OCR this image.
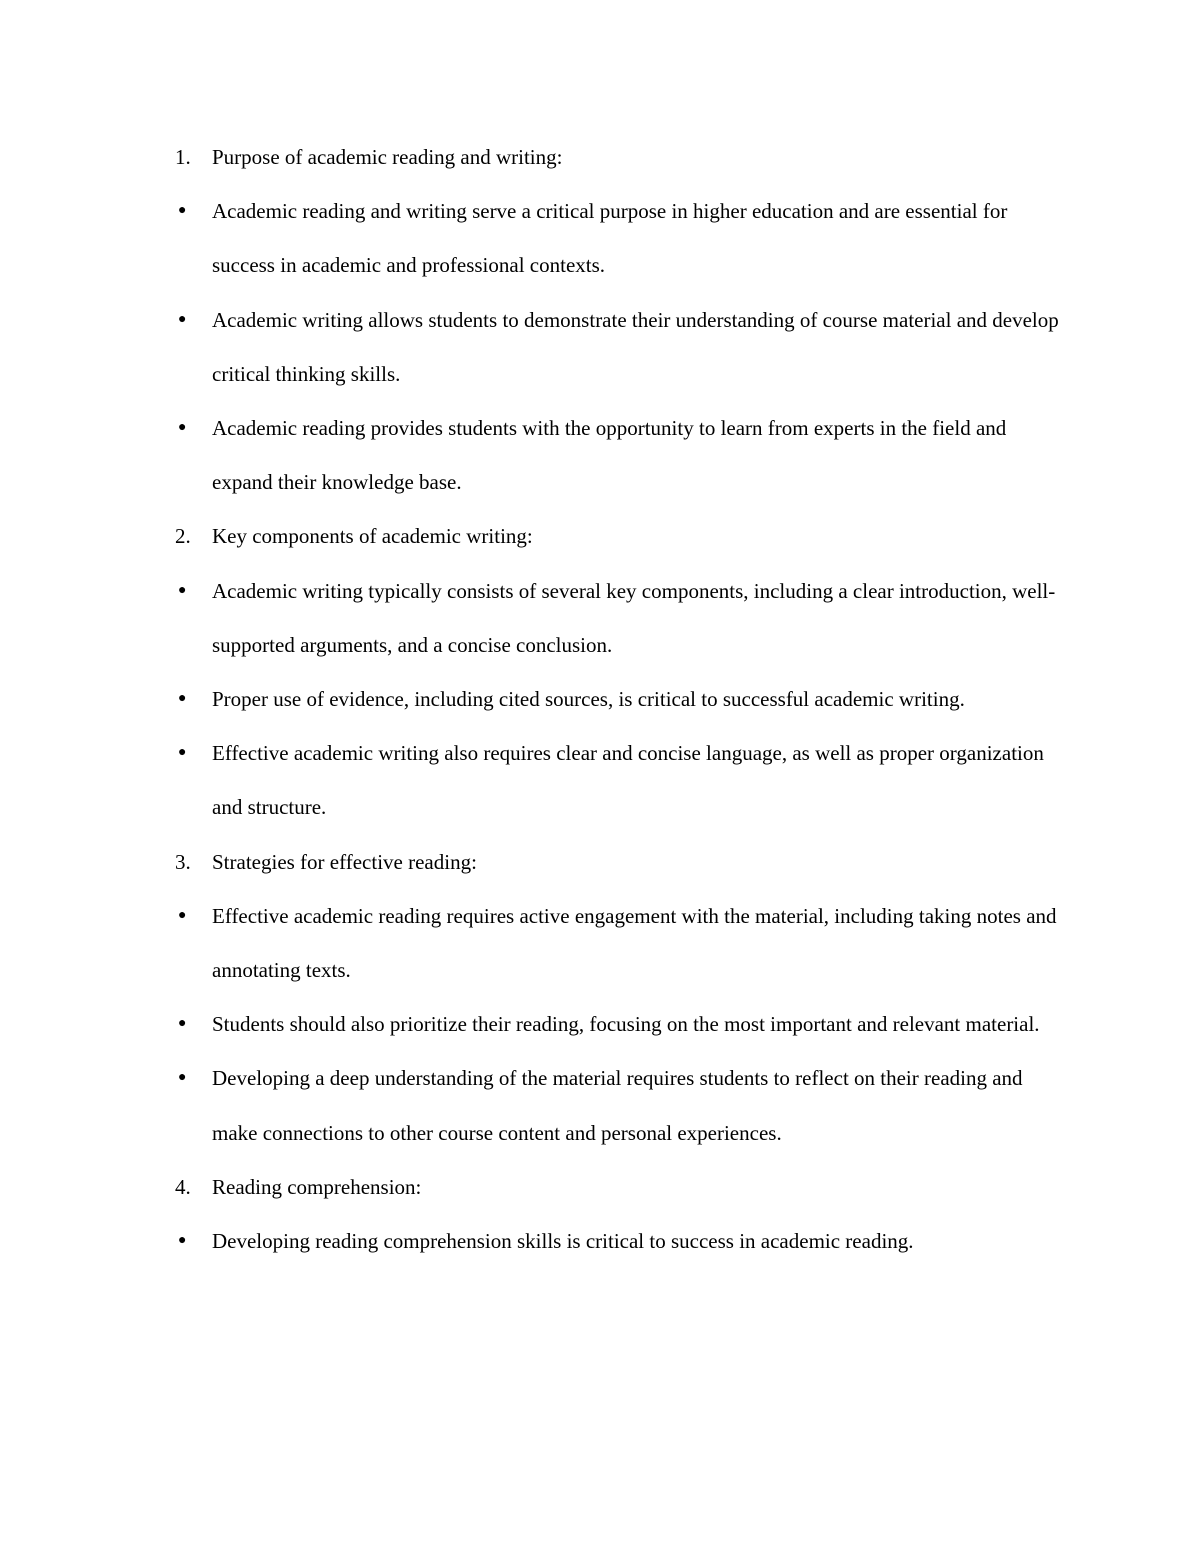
1. Purpose of academic reading and writing:
● Academic reading and writing serve a critical purpose in higher education and are essential for success in academic and professional contexts.
● Academic writing allows students to demonstrate their understanding of course material and develop critical thinking skills.
● Academic reading provides students with the opportunity to learn from experts in the field and expand their knowledge base.
2. Key components of academic writing:
● Academic writing typically consists of several key components, including a clear introduction, well-supported arguments, and a concise conclusion.
● Proper use of evidence, including cited sources, is critical to successful academic writing.
● Effective academic writing also requires clear and concise language, as well as proper organization and structure.
3. Strategies for effective reading:
● Effective academic reading requires active engagement with the material, including taking notes and annotating texts.
● Students should also prioritize their reading, focusing on the most important and relevant material.
● Developing a deep understanding of the material requires students to reflect on their reading and make connections to other course content and personal experiences.
4. Reading comprehension:
● Developing reading comprehension skills is critical to success in academic reading.
